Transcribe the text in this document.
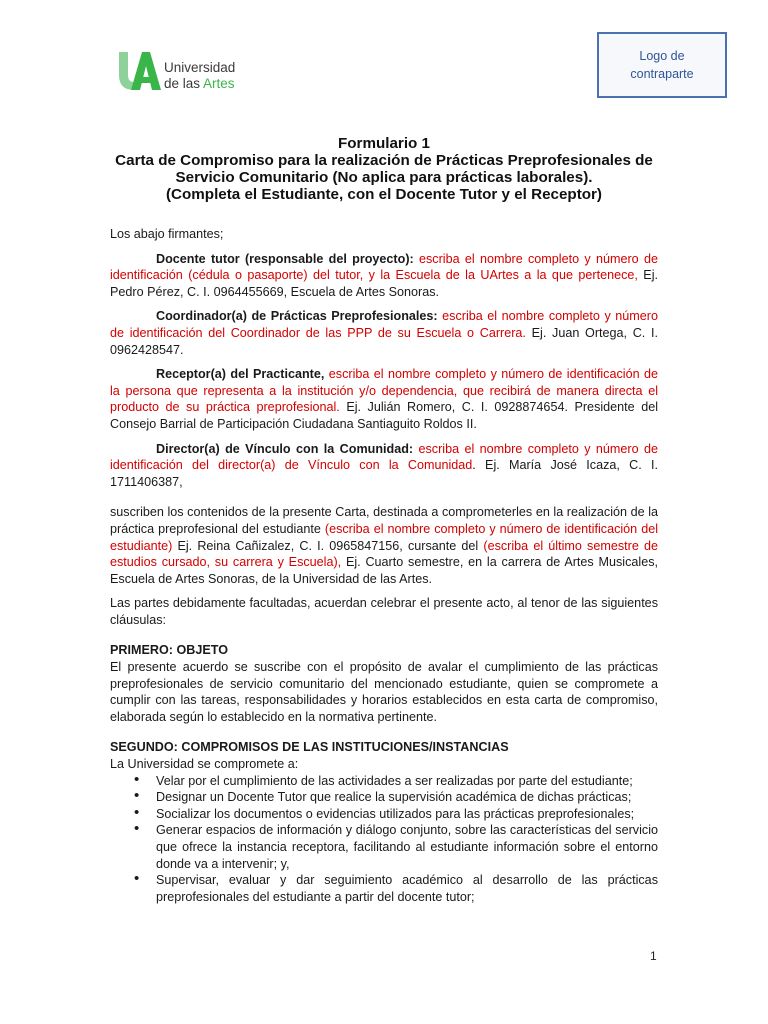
Universidad
de las Artes
Logo de contraparte
Formulario 1
Carta de Compromiso para la realización de Prácticas Preprofesionales de
Servicio Comunitario (No aplica para prácticas laborales).
(Completa el Estudiante, con el Docente Tutor y el Receptor)

Los abajo firmantes;

Docente tutor (responsable del proyecto): escriba el nombre completo y número de identificación (cédula o pasaporte) del tutor, y la Escuela de la UArtes a la que pertenece, Ej. Pedro Pérez, C. I. 0964455669, Escuela de Artes Sonoras.

Coordinador(a) de Prácticas Preprofesionales: escriba el nombre completo y número de identificación del Coordinador de las PPP de su Escuela o Carrera. Ej. Juan Ortega, C. I. 0962428547.

Receptor(a) del Practicante, escriba el nombre completo y número de identificación de la persona que representa a la institución y/o dependencia, que recibirá de manera directa el producto de su práctica preprofesional. Ej. Julián Romero, C. I. 0928874654. Presidente del Consejo Barrial de Participación Ciudadana Santiaguito Roldos II.

Director(a) de Vínculo con la Comunidad: escriba el nombre completo y número de identificación del director(a) de Vínculo con la Comunidad. Ej. María José Icaza, C. I. 1711406387,

suscriben los contenidos de la presente Carta, destinada a comprometerles en la realización de la práctica preprofesional del estudiante (escriba el nombre completo y número de identificación del estudiante) Ej. Reina Cañizalez, C. I. 0965847156, cursante del (escriba el último semestre de estudios cursado, su carrera y Escuela), Ej. Cuarto semestre, en la carrera de Artes Musicales, Escuela de Artes Sonoras, de la Universidad de las Artes.

Las partes debidamente facultadas, acuerdan celebrar el presente acto, al tenor de las siguientes cláusulas:

PRIMERO: OBJETO

El presente acuerdo se suscribe con el propósito de avalar el cumplimiento de las prácticas preprofesionales de servicio comunitario del mencionado estudiante, quien se compromete a cumplir con las tareas, responsabilidades y horarios establecidos en esta carta de compromiso, elaborada según lo establecido en la normativa pertinente.

SEGUNDO: COMPROMISOS DE LAS INSTITUCIONES/INSTANCIAS

La Universidad se compromete a:

• Velar por el cumplimiento de las actividades a ser realizadas por parte del estudiante;
• Designar un Docente Tutor que realice la supervisión académica de dichas prácticas;
• Socializar los documentos o evidencias utilizados para las prácticas preprofesionales;
• Generar espacios de información y diálogo conjunto, sobre las características del servicio que ofrece la instancia receptora, facilitando al estudiante información sobre el entorno donde va a intervenir; y,
• Supervisar, evaluar y dar seguimiento académico al desarrollo de las prácticas preprofesionales del estudiante a partir del docente tutor;
1
